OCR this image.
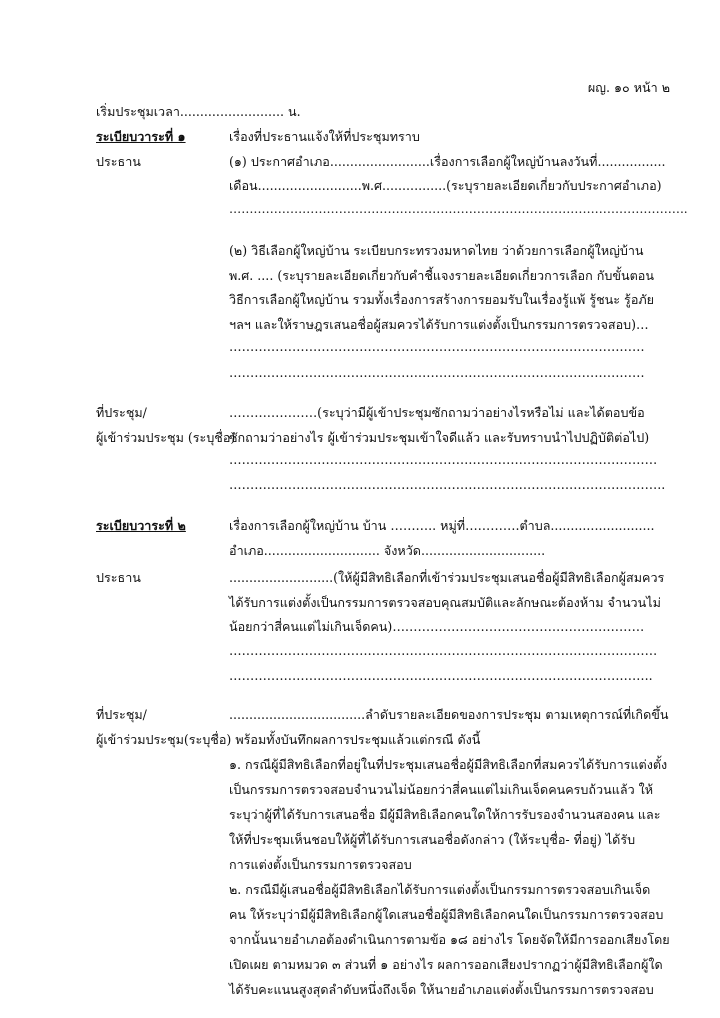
ผญ. ๑๐ หน้า ๒
เริ่มประชุมเวลา.......................... น.
ระเบียบวาระที่ ๑	เรื่องที่ประธานแจ้งให้ที่ประชุมทราบ
ประธาน	(๑) ประกาศอำเภอ.........................เรื่องการเลือกผู้ใหญ่บ้านลงวันที่.................
เดือน..........................พ.ศ................(ระบุรายละเอียดเกี่ยวกับประกาศอำเภอ)
…………………………………………………………………………………………………..
(๒) วิธีเลือกผู้ใหญ่บ้าน ระเบียบกระทรวงมหาดไทย ว่าด้วยการเลือกผู้ใหญ่บ้าน
พ.ศ. .... (ระบุรายละเอียดเกี่ยวกับคำชี้แจงรายละเอียดเกี่ยวการเลือก กับขั้นตอน
วิธีการเลือกผู้ใหญ่บ้าน รวมทั้งเรื่องการสร้างการยอมรับในเรื่องรู้แพ้ รู้ชนะ รู้อภัย
ฯลฯ และให้ราษฎรเสนอชื่อผู้สมควรได้รับการแต่งตั้งเป็นกรรมการตรวจสอบ)…
………………………………………………………………………………………
………………………………………………………………………………………
ที่ประชุม/	…………………(ระบุว่ามีผู้เข้าประชุมซักถามว่าอย่างไรหรือไม่ และได้ตอบข้อ
ผู้เข้าร่วมประชุม (ระบุชื่อ)
ซักถามว่าอย่างไร ผู้เข้าร่วมประชุมเข้าใจดีแล้ว และรับทราบนำไปปฏิบัติต่อไป)
…………………………………………………………………………………………
…………………………………………………………………………………………..
ระเบียบวาระที่ ๒	เรื่องการเลือกผู้ใหญ่บ้าน บ้าน ……….. หมู่ที่………….ตำบล..........................
อำเภอ............................. จังหวัด...............................
ประธาน	..........................(ให้ผู้มีสิทธิเลือกที่เข้าร่วมประชุมเสนอชื่อผู้มีสิทธิเลือกผู้สมควร
ได้รับการแต่งตั้งเป็นกรรมการตรวจสอบคุณสมบัติและลักษณะต้องห้าม จำนวนไม่
น้อยกว่าสี่คนแต่ไม่เกินเจ็ดคน)……………………………………………………
…………………………………………………………………………………………
………………………………………………………………………………………..
ที่ประชุม/	..................................ลำดับรายละเอียดของการประชุม ตามเหตุการณ์ที่เกิดขึ้น
ผู้เข้าร่วมประชุม(ระบุชื่อ) พร้อมทั้งบันทึกผลการประชุมแล้วแต่กรณี ดังนี้
๑. กรณีผู้มีสิทธิเลือกที่อยู่ในที่ประชุมเสนอชื่อผู้มีสิทธิเลือกที่สมควรได้รับการแต่งตั้ง
เป็นกรรมการตรวจสอบจำนวนไม่น้อยกว่าสี่คนแต่ไม่เกินเจ็ดคนครบถ้วนแล้ว ให้
ระบุว่าผู้ที่ได้รับการเสนอชื่อ มีผู้มีสิทธิเลือกคนใดให้การรับรองจำนวนสองคน และ
ให้ที่ประชุมเห็นชอบให้ผู้ที่ได้รับการเสนอชื่อดังกล่าว (ให้ระบุชื่อ- ที่อยู่) ได้รับ
การแต่งตั้งเป็นกรรมการตรวจสอบ
๒. กรณีมีผู้เสนอชื่อผู้มีสิทธิเลือกได้รับการแต่งตั้งเป็นกรรมการตรวจสอบเกินเจ็ด
คน ให้ระบุว่ามีผู้มีสิทธิเลือกผู้ใดเสนอชื่อผู้มีสิทธิเลือกคนใดเป็นกรรมการตรวจสอบ
จากนั้นนายอำเภอต้องดำเนินการตามข้อ ๑๘ อย่างไร โดยจัดให้มีการออกเสียงโดย
เปิดเผย ตามหมวด ๓ ส่วนที่ ๑ อย่างไร ผลการออกเสียงปรากฏว่าผู้มีสิทธิเลือกผู้ใด
ได้รับคะแนนสูงสุดลำดับหนึ่งถึงเจ็ด ให้นายอำเภอแต่งตั้งเป็นกรรมการตรวจสอบ
